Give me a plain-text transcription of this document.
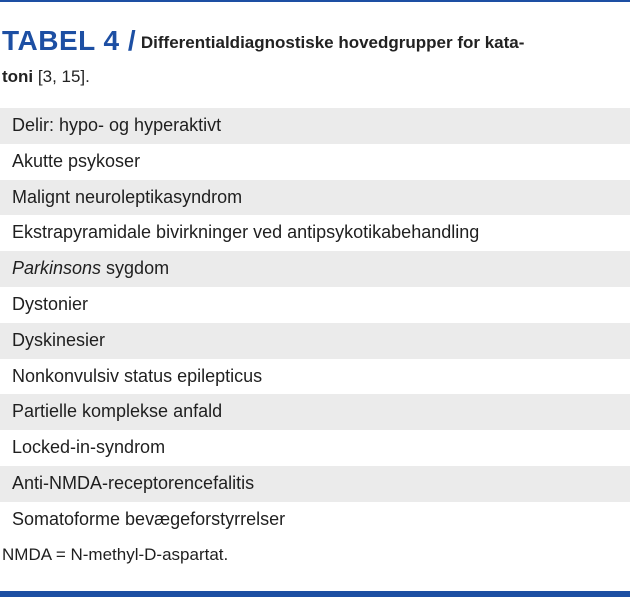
TABEL 4 / Differentialdiagnostiske hovedgrupper for kata-
toni [3, 15].
Delir: hypo- og hyperaktivt
Akutte psykoser
Malignt neuroleptikasyndrom
Ekstrapyramidale bivirkninger ved antipsykotikabehandling
Parkinsons sygdom
Dystonier
Dyskinesier
Nonkonvulsiv status epilepticus
Partielle komplekse anfald
Locked-in-syndrom
Anti-NMDA-receptorencefalitis
Somatoforme bevægeforstyrrelser
NMDA = N-methyl-D-aspartat.
